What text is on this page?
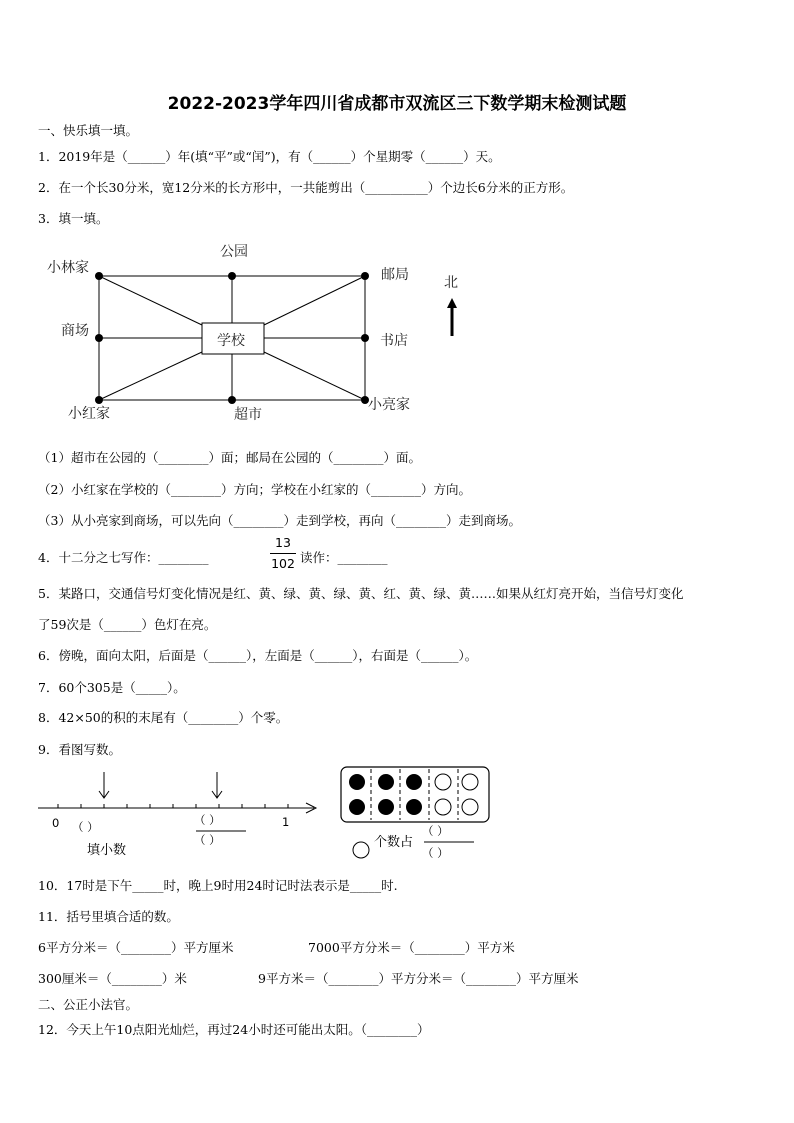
2022-2023学年四川省成都市双流区三下数学期末检测试题
一、快乐填一填。
1．2019年是（______）年(填“平”或“闰”)，有（______）个星期零（______）天。
2．在一个长30分米，宽12分米的长方形中，一共能剪出（__________）个边长6分米的正方形。
3．填一填。
小林家
公园
邮局
商场
学校	书店
小红家	超市
小亮家
北
（1）超市在公园的（________）面；邮局在公园的（________）面。
（2）小红家在学校的（________）方向；学校在小红家的（________）方向。
（3）从小亮家到商场，可以先向（________）走到学校，再向（________）走到商场。
4．十二分之七写作：________
13
102 读作：________
5．某路口，交通信号灯变化情况是红、黄、绿、黄、绿、黄、红、黄、绿、黄……如果从红灯亮开始，当信号灯变化
了59次是（______）色灯在亮。
6．傍晚，面向太阳，后面是（______），左面是（______），右面是（______）。
7．60个305是（_____）。
8．42×50的积的末尾有（________）个零。
9．看图写数。
0	1
（ ）	（ ）
（ ）
填小数
个数占
（ ）
（ ）
10．17时是下午_____时，晚上9时用24时记时法表示是_____时.
11．括号里填合适的数。
6平方分米＝（________）平方厘米	7000平方分米＝（________）平方米
300厘米＝（________）米	9平方米＝（________）平方分米＝（________）平方厘米
二、公正小法官。
12．今天上午10点阳光灿烂，再过24小时还可能出太阳。（________）
